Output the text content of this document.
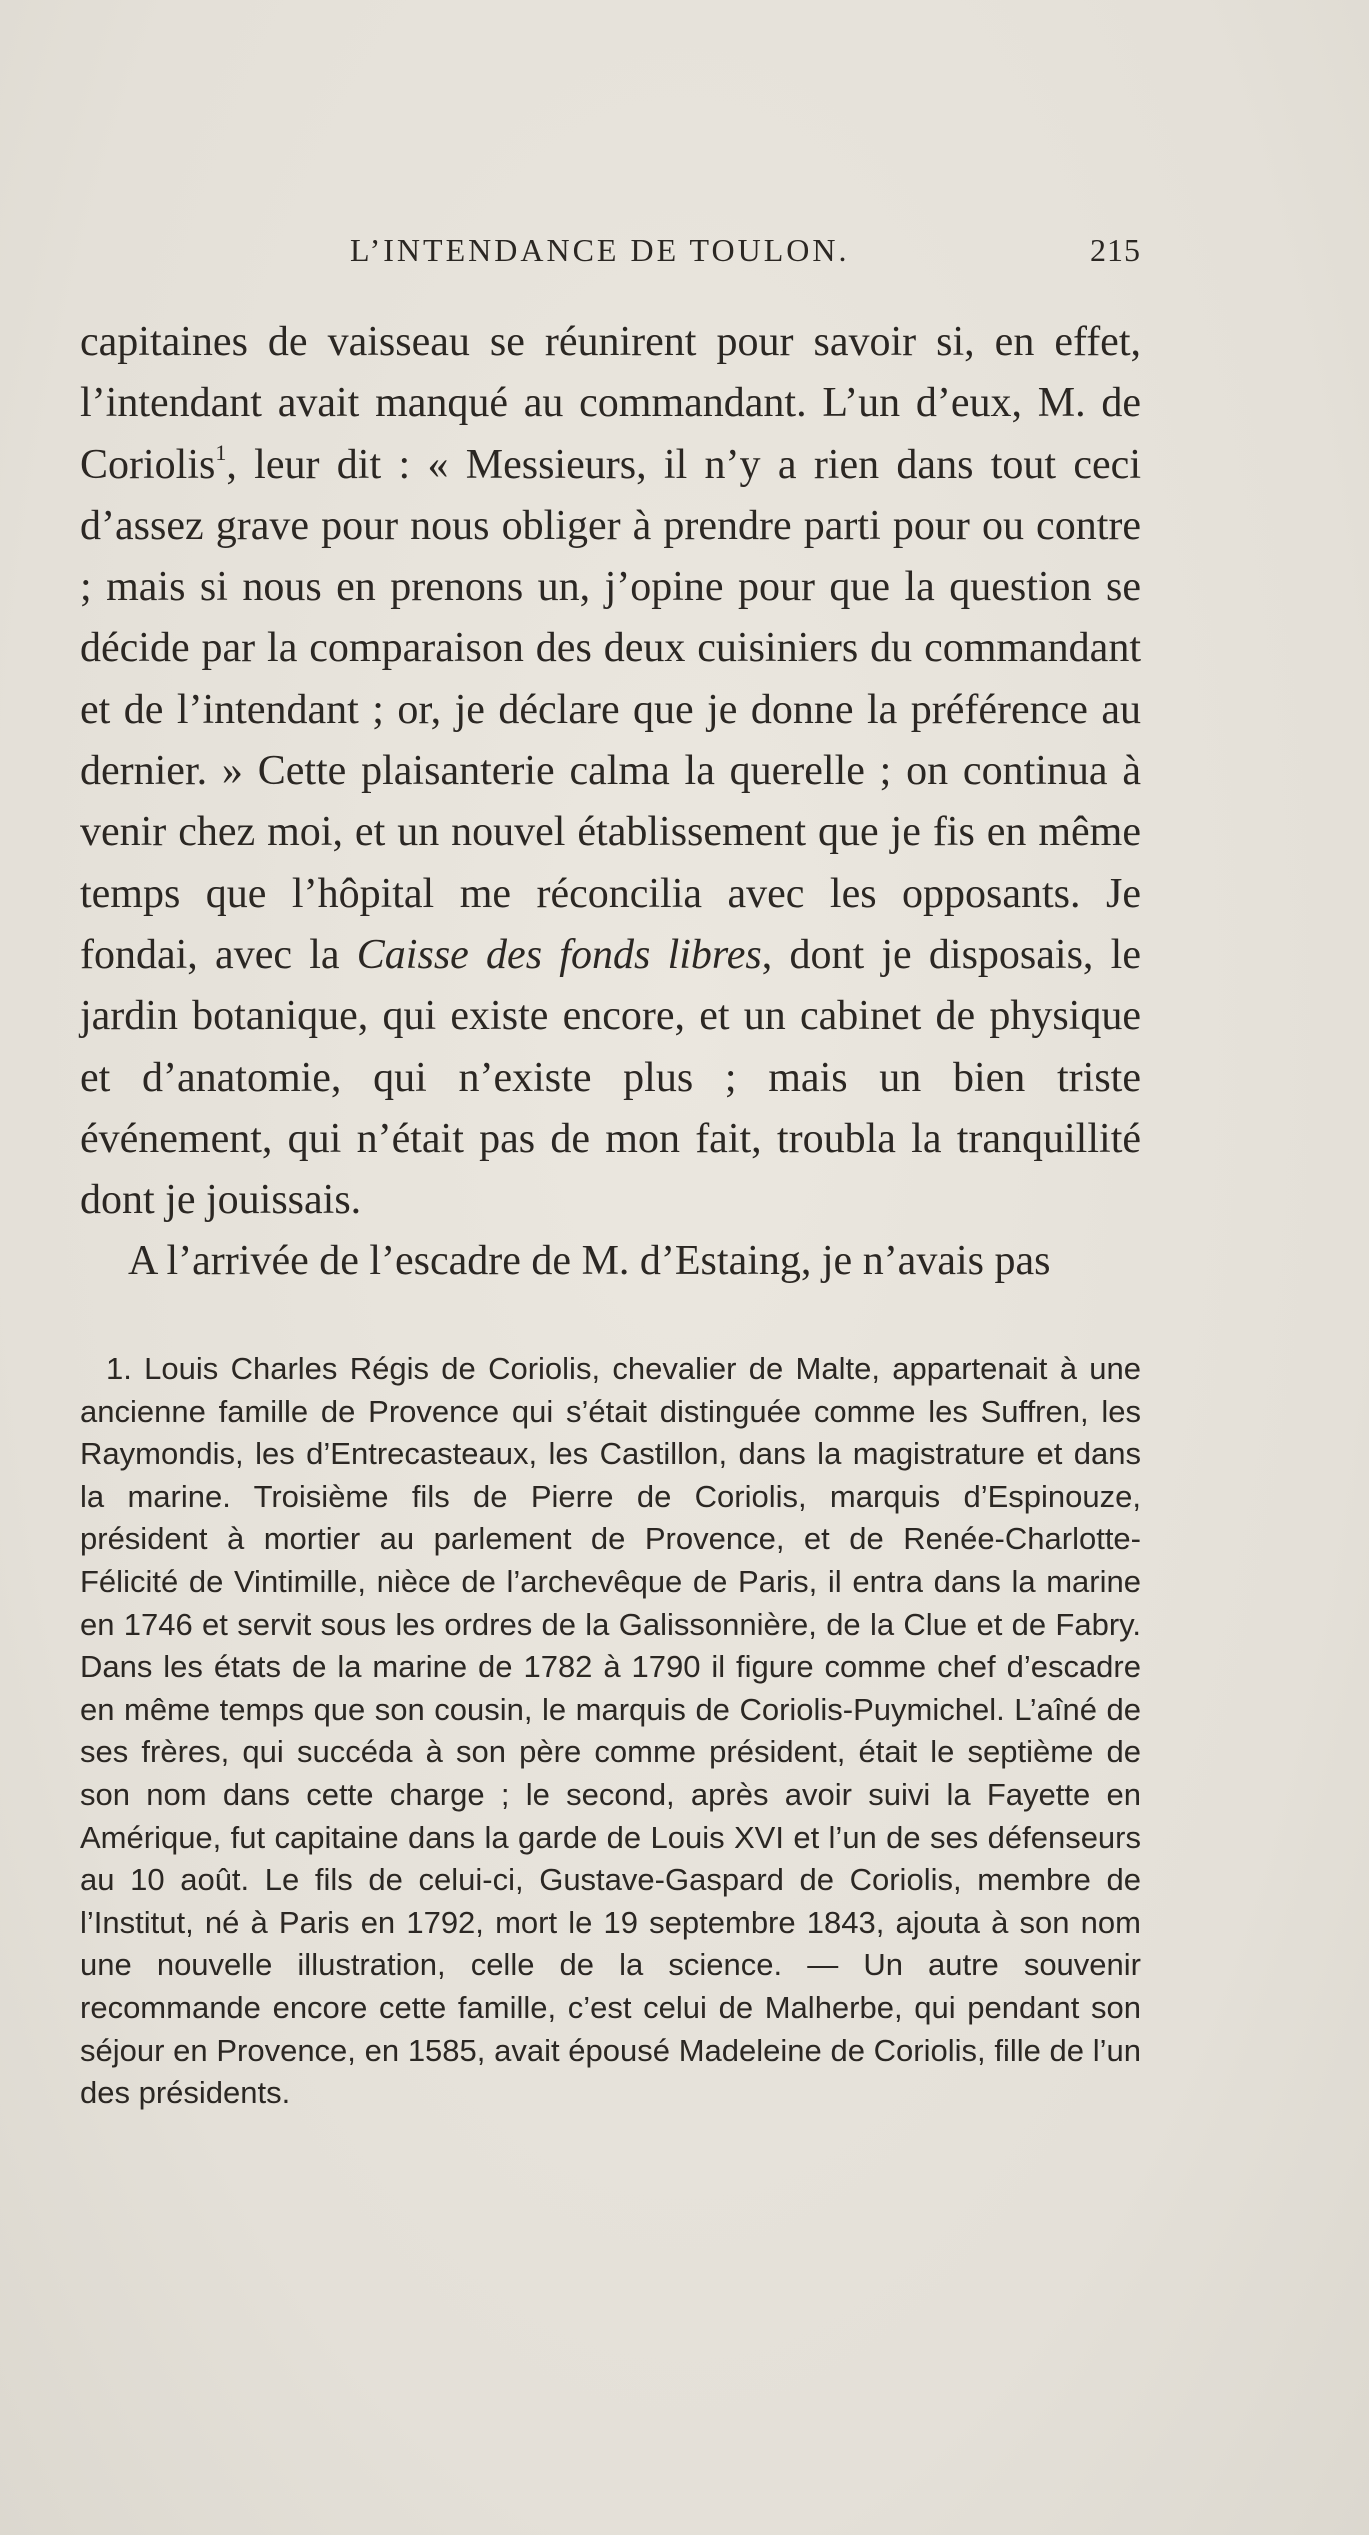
L’INTENDANCE DE TOULON.	215

capitaines de vaisseau se réunirent pour savoir si, en effet, l’intendant avait manqué au commandant. L’un d’eux, M. de Coriolis$^1$, leur dit : « Messieurs, il n’y a rien dans tout ceci d’assez grave pour nous obliger à prendre parti pour ou contre ; mais si nous en prenons un, j’opine pour que la question se décide par la comparaison des deux cuisiniers du commandant et de l’intendant ; or, je déclare que je donne la préférence au dernier. » Cette plaisanterie calma la querelle ; on continua à venir chez moi, et un nouvel établissement que je fis en même temps que l’hôpital me réconcilia avec les opposants. Je fondai, avec la Caisse des fonds libres, dont je disposais, le jardin botanique, qui existe encore, et un cabinet de physique et d’anatomie, qui n’existe plus ; mais un bien triste événement, qui n’était pas de mon fait, troubla la tranquillité dont je jouissais.

A l’arrivée de l’escadre de M. d’Estaing, je n’avais pas

1. Louis Charles Régis de Coriolis, chevalier de Malte, appartenait à une ancienne famille de Provence qui s’était distinguée comme les Suffren, les Raymondis, les d’Entrecasteaux, les Castillon, dans la magistrature et dans la marine. Troisième fils de Pierre de Coriolis, marquis d’Espinouze, président à mortier au parlement de Provence, et de Renée-Charlotte-Félicité de Vintimille, nièce de l’archevêque de Paris, il entra dans la marine en 1746 et servit sous les ordres de la Galissonnière, de la Clue et de Fabry. Dans les états de la marine de 1782 à 1790 il figure comme chef d’escadre en même temps que son cousin, le marquis de Coriolis-Puymichel. L’aîné de ses frères, qui succéda à son père comme président, était le septième de son nom dans cette charge ; le second, après avoir suivi la Fayette en Amérique, fut capitaine dans la garde de Louis XVI et l’un de ses défenseurs au 10 août. Le fils de celui-ci, Gustave-Gaspard de Coriolis, membre de l’Institut, né à Paris en 1792, mort le 19 septembre 1843, ajouta à son nom une nouvelle illustration, celle de la science. — Un autre souvenir recommande encore cette famille, c’est celui de Malherbe, qui pendant son séjour en Provence, en 1585, avait épousé Madeleine de Coriolis, fille de l’un des présidents.
